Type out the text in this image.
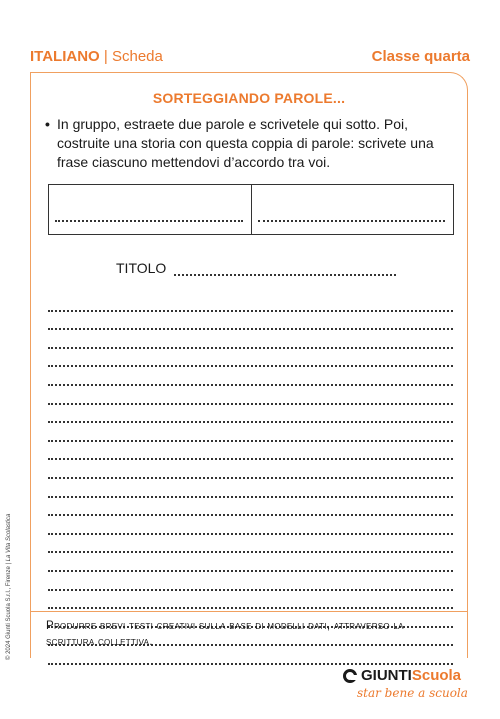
ITALIANO | Scheda	Classe quarta
SORTEGGIANDO PAROLE...
• In gruppo, estraete due parole e scrivetele qui sotto. Poi, costruite una storia con questa coppia di parole: scrivete una frase ciascuno mettendovi d’accordo tra voi.
TITOLO
Produrre brevi testi creativi sulla base di modelli dati, attraverso la scrittura collettiva.
© 2024 Giunti Scuola S.r.l., Firenze | La Vita Scolastica
GIUNTIScuola
star bene a scuola
